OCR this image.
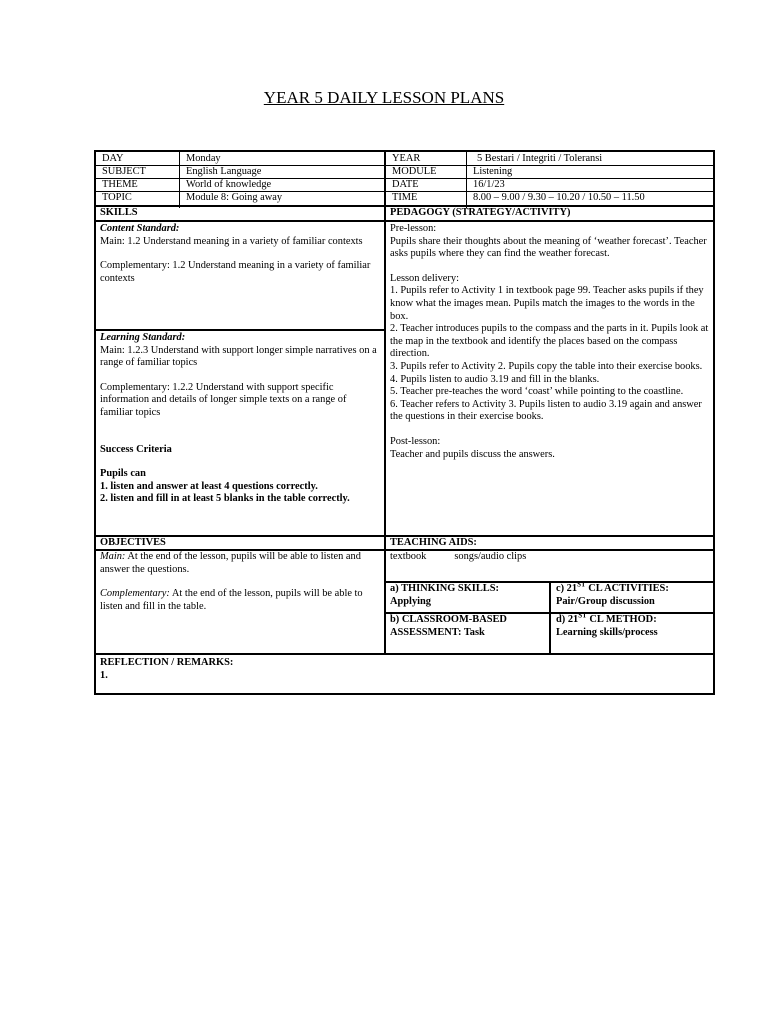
YEAR 5 DAILY LESSON PLANS
DAY	Monday	YEAR	5 Bestari / Integriti / Toleransi
SUBJECT	English Language	MODULE	Listening
THEME	World of knowledge	DATE	16/1/23
TOPIC	Module 8: Going away	TIME	8.00 – 9.00 / 9.30 – 10.20 / 10.50 – 11.50
SKILLS	PEDAGOGY (STRATEGY/ACTIVITY)
Content Standard:
Main: 1.2 Understand meaning in a variety of familiar contexts
Complementary: 1.2 Understand meaning in a variety of familiar contexts
Learning Standard:
Main: 1.2.3 Understand with support longer simple narratives on a range of familiar topics
Complementary: 1.2.2 Understand with support specific information and details of longer simple texts on a range of familiar topics
Success Criteria
Pupils can
1. listen and answer at least 4 questions correctly.
2. listen and fill in at least 5 blanks in the table correctly.
Pre-lesson:
Pupils share their thoughts about the meaning of ‘weather forecast’. Teacher asks pupils where they can find the weather forecast.
Lesson delivery:
1. Pupils refer to Activity 1 in textbook page 99. Teacher asks pupils if they know what the images mean. Pupils match the images to the words in the box.
2. Teacher introduces pupils to the compass and the parts in it. Pupils look at the map in the textbook and identify the places based on the compass direction.
3. Pupils refer to Activity 2. Pupils copy the table into their exercise books.
4. Pupils listen to audio 3.19 and fill in the blanks.
5. Teacher pre-teaches the word ‘coast’ while pointing to the coastline.
6. Teacher refers to Activity 3. Pupils listen to audio 3.19 again and answer the questions in their exercise books.
Post-lesson:
Teacher and pupils discuss the answers.
OBJECTIVES	TEACHING AIDS:
Main: At the end of the lesson, pupils will be able to listen and answer the questions.
Complementary: At the end of the lesson, pupils will be able to listen and fill in the table.
textbook	songs/audio clips
a) THINKING SKILLS:
Applying
c) 21ST CL ACTIVITIES:
Pair/Group discussion
b) CLASSROOM-BASED
ASSESSMENT: Task
d) 21ST CL METHOD:
Learning skills/process
REFLECTION / REMARKS:
1.
